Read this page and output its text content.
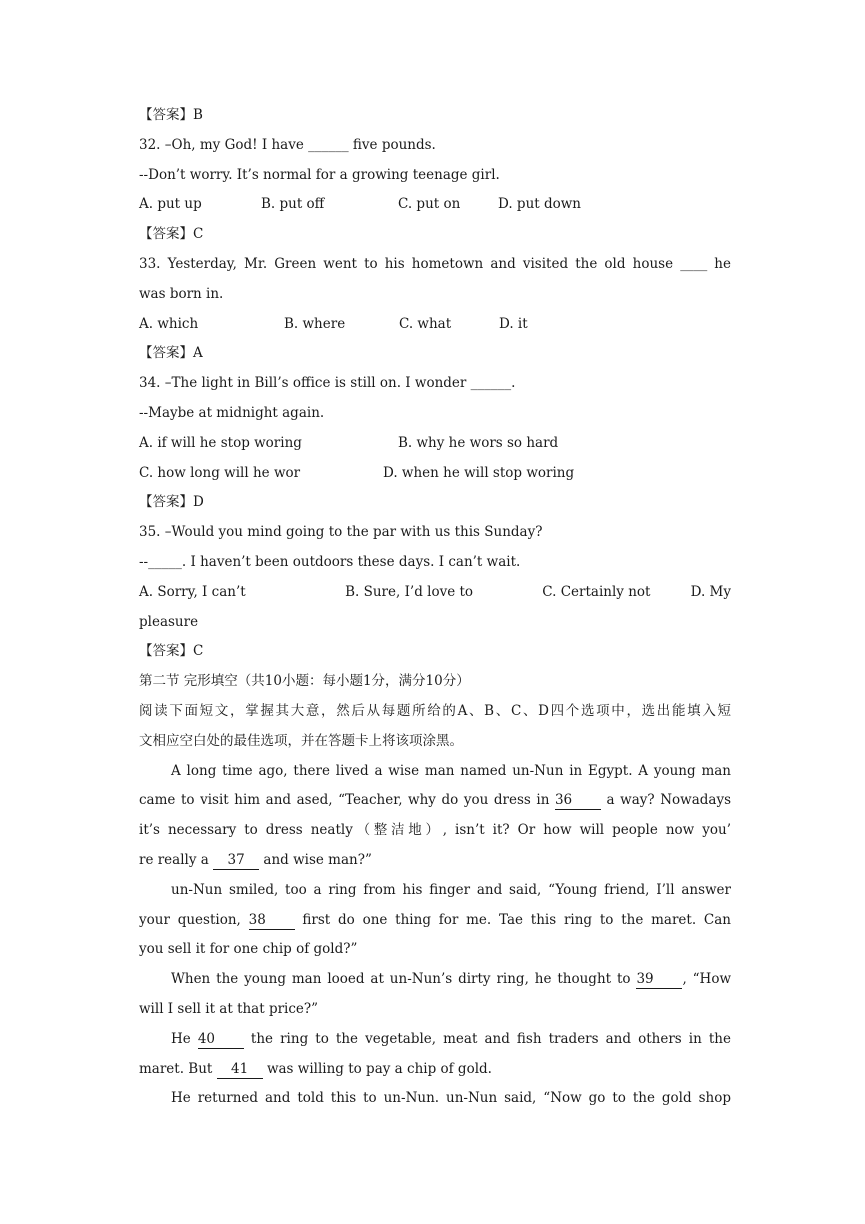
【答案】B
32. –Oh, my God! I have ______ five pounds.
--Don’t worry. It’s normal for a growing teenage girl.
A. put up	B. put off	C. put on	D. put down
【答案】C
33. Yesterday, Mr. Green went to his hometown and visited the old house ____ he
was born in.
A. which	B. where	C. what	D. it
【答案】A
34. –The light in Bill’s office is still on. I wonder ______.
--Maybe at midnight again.
A. if will he stop woring	B. why he wors so hard
C. how long will he wor	D. when he will stop woring
【答案】D
35. –Would you mind going to the par with us this Sunday?
--_____. I haven’t been outdoors these days. I can’t wait.
A. Sorry, I can’t	B. Sure, I’d love to	C. Certainly not	D. My
pleasure
【答案】C
第二节 完形填空（共10小题：每小题1分，满分10分）
阅读下面短文，掌握其大意，然后从每题所给的A、B、C、D四个选项中，选出能填入短
文相应空白处的最佳选项，并在答题卡上将该项涂黑。
A long time ago, there lived a wise man named un-Nun in Egypt. A young man
came to visit him and ased, “Teacher, why do you dress in 36	a way? Nowadays
it’s necessary to dress neatly（整洁地）, isn’t it? Or how will people now you’
re really a 37 and wise man?”
un-Nun smiled, too a ring from his finger and said, “Young friend, I’ll answer
your question, 38	first do one thing for me. Tae this ring to the maret. Can
you sell it for one chip of gold?”
When the young man looed at un-Nun’s dirty ring, he thought to 39 , “How
will I sell it at that price?”
He 40	the ring to the vegetable, meat and fish traders and others in the
maret. But 41 was willing to pay a chip of gold.
He returned and told this to un-Nun. un-Nun said, “Now go to the gold shop
